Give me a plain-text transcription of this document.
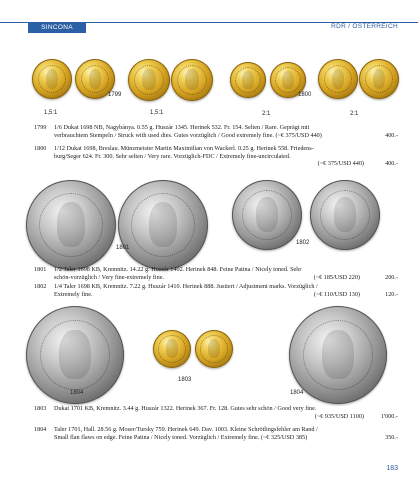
SINCONA	RDR / ÖSTERREICH
1799	1800
1,5:1	1,5:1	2:1	2:1
1799	1/6 Dukat 1698 NB, Nagybánya. 0.55 g. Huszár 1345. Herinek 532. Fr. 154. Selten / Rare. Geprägt mit
verbrauchtem Stempeln / Struck with used dies. Gutes vorzüglich / Good extremely fine. (~€ 375/USD 440)	400.-
1800	1/12 Dukat 1698, Breslau. Münzmeister Martin Maximilian von Wackerl. 0.25 g. Herinek 558. Friedens-
burg/Seger 624. Fr. 300. Sehr selten / Very rare. Vorzüglich-FDC / Extremely fine-uncirculated.
(~€ 375/USD 440)	400.-
1801
1802
1801	1/2 Taler 1698 KB, Kremnitz. 14.22 g. Huszár 1402. Herinek 848. Feine Patina / Nicely toned. Sehr
schön-vorzüglich / Very fine-extremely fine.	200.-
(~€ 185/USD 220)
1802	1/4 Taler 1698 KB, Kremnitz. 7.22 g. Huszár 1410. Herinek 888. Justiert / Adjustment marks. Vorzüglich /
Extremely fine.	120.-
(~€ 110/USD 130)
1803
1804	1804
1803	Dukat 1701 KB, Kremnitz. 3.44 g. Huszár 1322. Herinek 367. Fr. 128. Gutes sehr schön / Good very fine.

(~€ 935/USD 1100)	1'000.-
1804	Taler 1701, Hall. 28.56 g. Moser/Tursky 759. Herinek 649. Dav. 1003. Kleine Schrötlingsfehler am Rand /
Small flan flaws on edge. Feine Patina / Nicely toned. Vorzüglich / Extremely fine. (~€ 325/USD 385)	350.-
183
